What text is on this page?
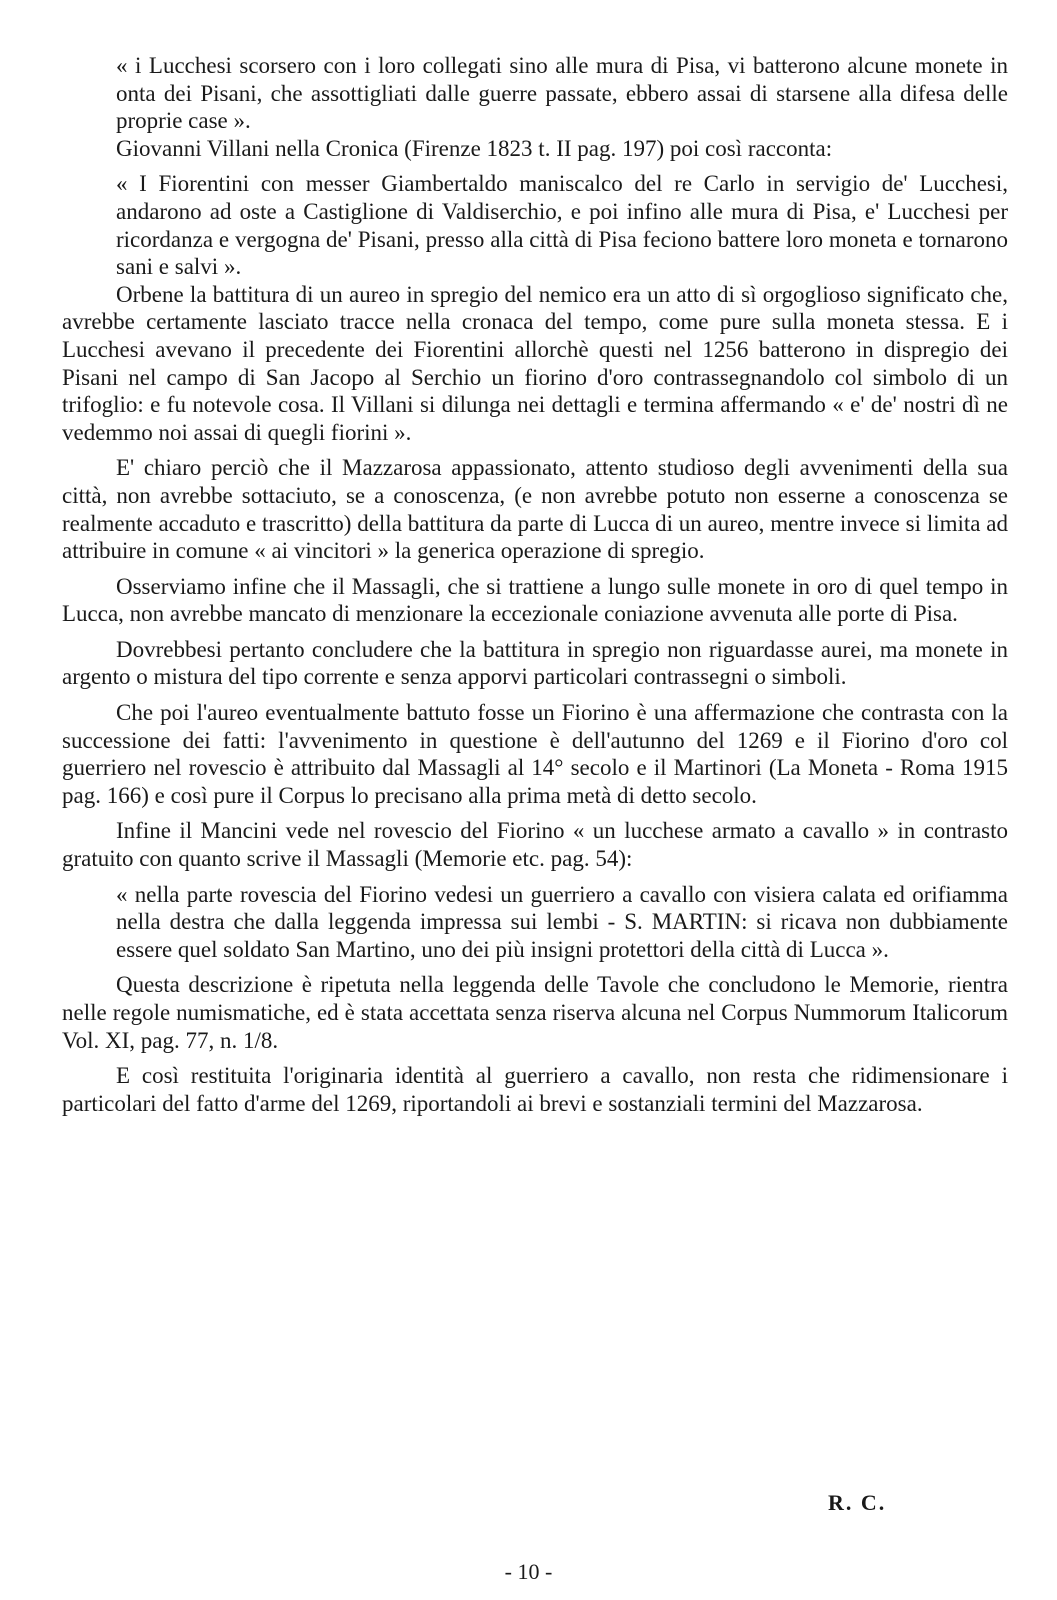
« i Lucchesi scorsero con i loro collegati sino alle mura di Pisa, vi batterono alcune monete in onta dei Pisani, che assottigliati dalle guerre passate, ebbero assai di starsene alla difesa delle proprie case ».

Giovanni Villani nella Cronica (Firenze 1823 t. II pag. 197) poi così racconta:

« I Fiorentini con messer Giambertaldo maniscalco del re Carlo in servigio de' Lucchesi, andarono ad oste a Castiglione di Valdiserchio, e poi infino alle mura di Pisa, e' Lucchesi per ricordanza e vergogna de' Pisani, presso alla città di Pisa feciono battere loro moneta e tornarono sani e salvi ».

Orbene la battitura di un aureo in spregio del nemico era un atto di sì orgoglioso significato che, avrebbe certamente lasciato tracce nella cronaca del tempo, come pure sulla moneta stessa. E i Lucchesi avevano il precedente dei Fiorentini allorchè questi nel 1256 batterono in dispregio dei Pisani nel campo di San Jacopo al Serchio un fiorino d'oro contrassegnandolo col simbolo di un trifoglio: e fu notevole cosa. Il Villani si dilunga nei dettagli e termina affermando « e' de' nostri dì ne vedemmo noi assai di quegli fiorini ».

E' chiaro perciò che il Mazzarosa appassionato, attento studioso degli avvenimenti della sua città, non avrebbe sottaciuto, se a conoscenza, (e non avrebbe potuto non esserne a conoscenza se realmente accaduto e trascritto) della battitura da parte di Lucca di un aureo, mentre invece si limita ad attribuire in comune « ai vincitori » la generica operazione di spregio.

Osserviamo infine che il Massagli, che si trattiene a lungo sulle monete in oro di quel tempo in Lucca, non avrebbe mancato di menzionare la eccezionale coniazione avvenuta alle porte di Pisa.

Dovrebbesi pertanto concludere che la battitura in spregio non riguardasse aurei, ma monete in argento o mistura del tipo corrente e senza apporvi particolari contrassegni o simboli.

Che poi l'aureo eventualmente battuto fosse un Fiorino è una affermazione che contrasta con la successione dei fatti: l'avvenimento in questione è dell'autunno del 1269 e il Fiorino d'oro col guerriero nel rovescio è attribuito dal Massagli al 14° secolo e il Martinori (La Moneta - Roma 1915 pag. 166) e così pure il Corpus lo precisano alla prima metà di detto secolo.

Infine il Mancini vede nel rovescio del Fiorino « un lucchese armato a cavallo » in contrasto gratuito con quanto scrive il Massagli (Memorie etc. pag. 54):

« nella parte rovescia del Fiorino vedesi un guerriero a cavallo con visiera calata ed orifiamma nella destra che dalla leggenda impressa sui lembi - S. MARTIN: si ricava non dubbiamente essere quel soldato San Martino, uno dei più insigni protettori della città di Lucca ».

Questa descrizione è ripetuta nella leggenda delle Tavole che concludono le Memorie, rientra nelle regole numismatiche, ed è stata accettata senza riserva alcuna nel Corpus Nummorum Italicorum Vol. XI, pag. 77, n. 1/8.

E così restituita l'originaria identità al guerriero a cavallo, non resta che ridimensionare i particolari del fatto d'arme del 1269, riportandoli ai brevi e sostanziali termini del Mazzarosa.

R. C.
- 10 -
